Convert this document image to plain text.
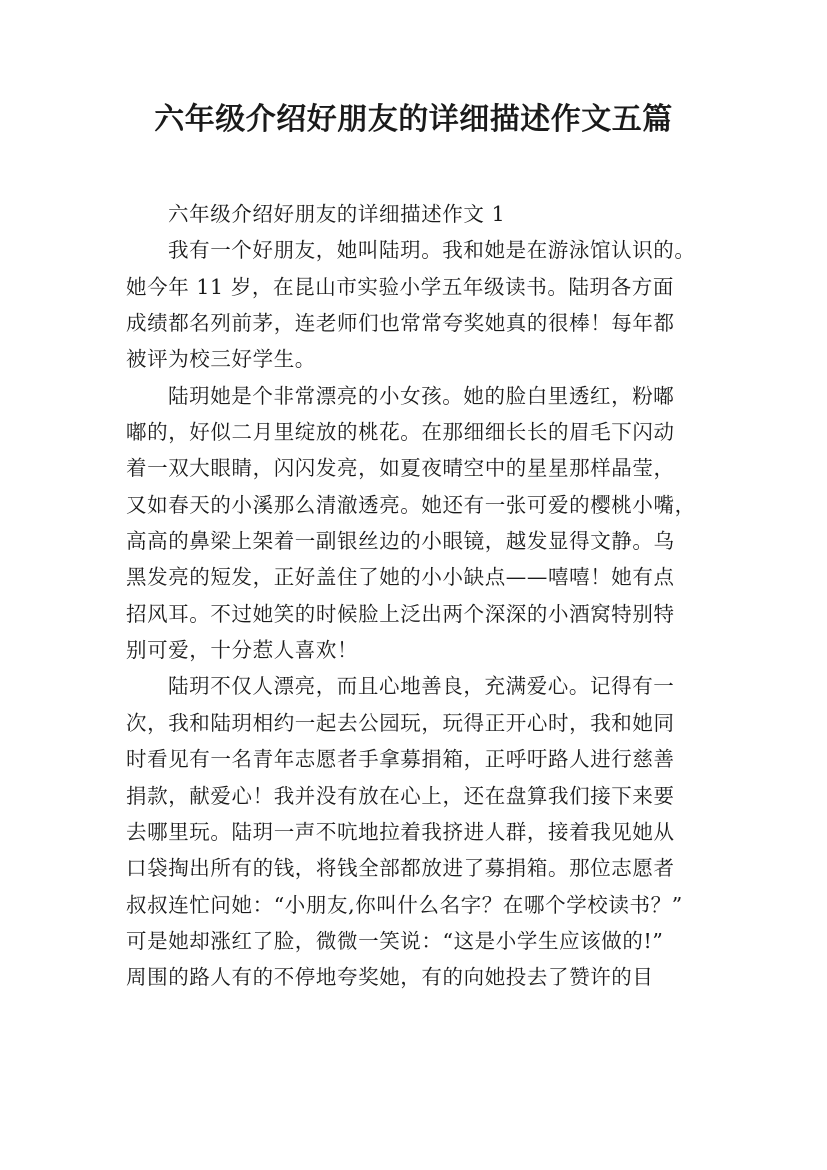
六年级介绍好朋友的详细描述作文五篇
六年级介绍好朋友的详细描述作文 1
我有一个好朋友，她叫陆玥。我和她是在游泳馆认识的。
她今年 11 岁，在昆山市实验小学五年级读书。陆玥各方面
成绩都名列前茅，连老师们也常常夸奖她真的很棒！每年都
被评为校三好学生。
陆玥她是个非常漂亮的小女孩。她的脸白里透红，粉嘟
嘟的，好似二月里绽放的桃花。在那细细长长的眉毛下闪动
着一双大眼睛，闪闪发亮，如夏夜晴空中的星星那样晶莹，
又如春天的小溪那么清澈透亮。她还有一张可爱的樱桃小嘴，
高高的鼻梁上架着一副银丝边的小眼镜，越发显得文静。乌
黑发亮的短发，正好盖住了她的小小缺点——嘻嘻！她有点
招风耳。不过她笑的时候脸上泛出两个深深的小酒窝特别特
别可爱，十分惹人喜欢！
陆玥不仅人漂亮，而且心地善良，充满爱心。记得有一
次，我和陆玥相约一起去公园玩，玩得正开心时，我和她同
时看见有一名青年志愿者手拿募捐箱，正呼吁路人进行慈善
捐款，献爱心！我并没有放在心上，还在盘算我们接下来要
去哪里玩。陆玥一声不吭地拉着我挤进人群，接着我见她从
口袋掏出所有的钱，将钱全部都放进了募捐箱。那位志愿者
叔叔连忙问她：“小朋友,你叫什么名字？在哪个学校读书？”
可是她却涨红了脸，微微一笑说：“这是小学生应该做的!”
周围的路人有的不停地夸奖她，有的向她投去了赞许的目
